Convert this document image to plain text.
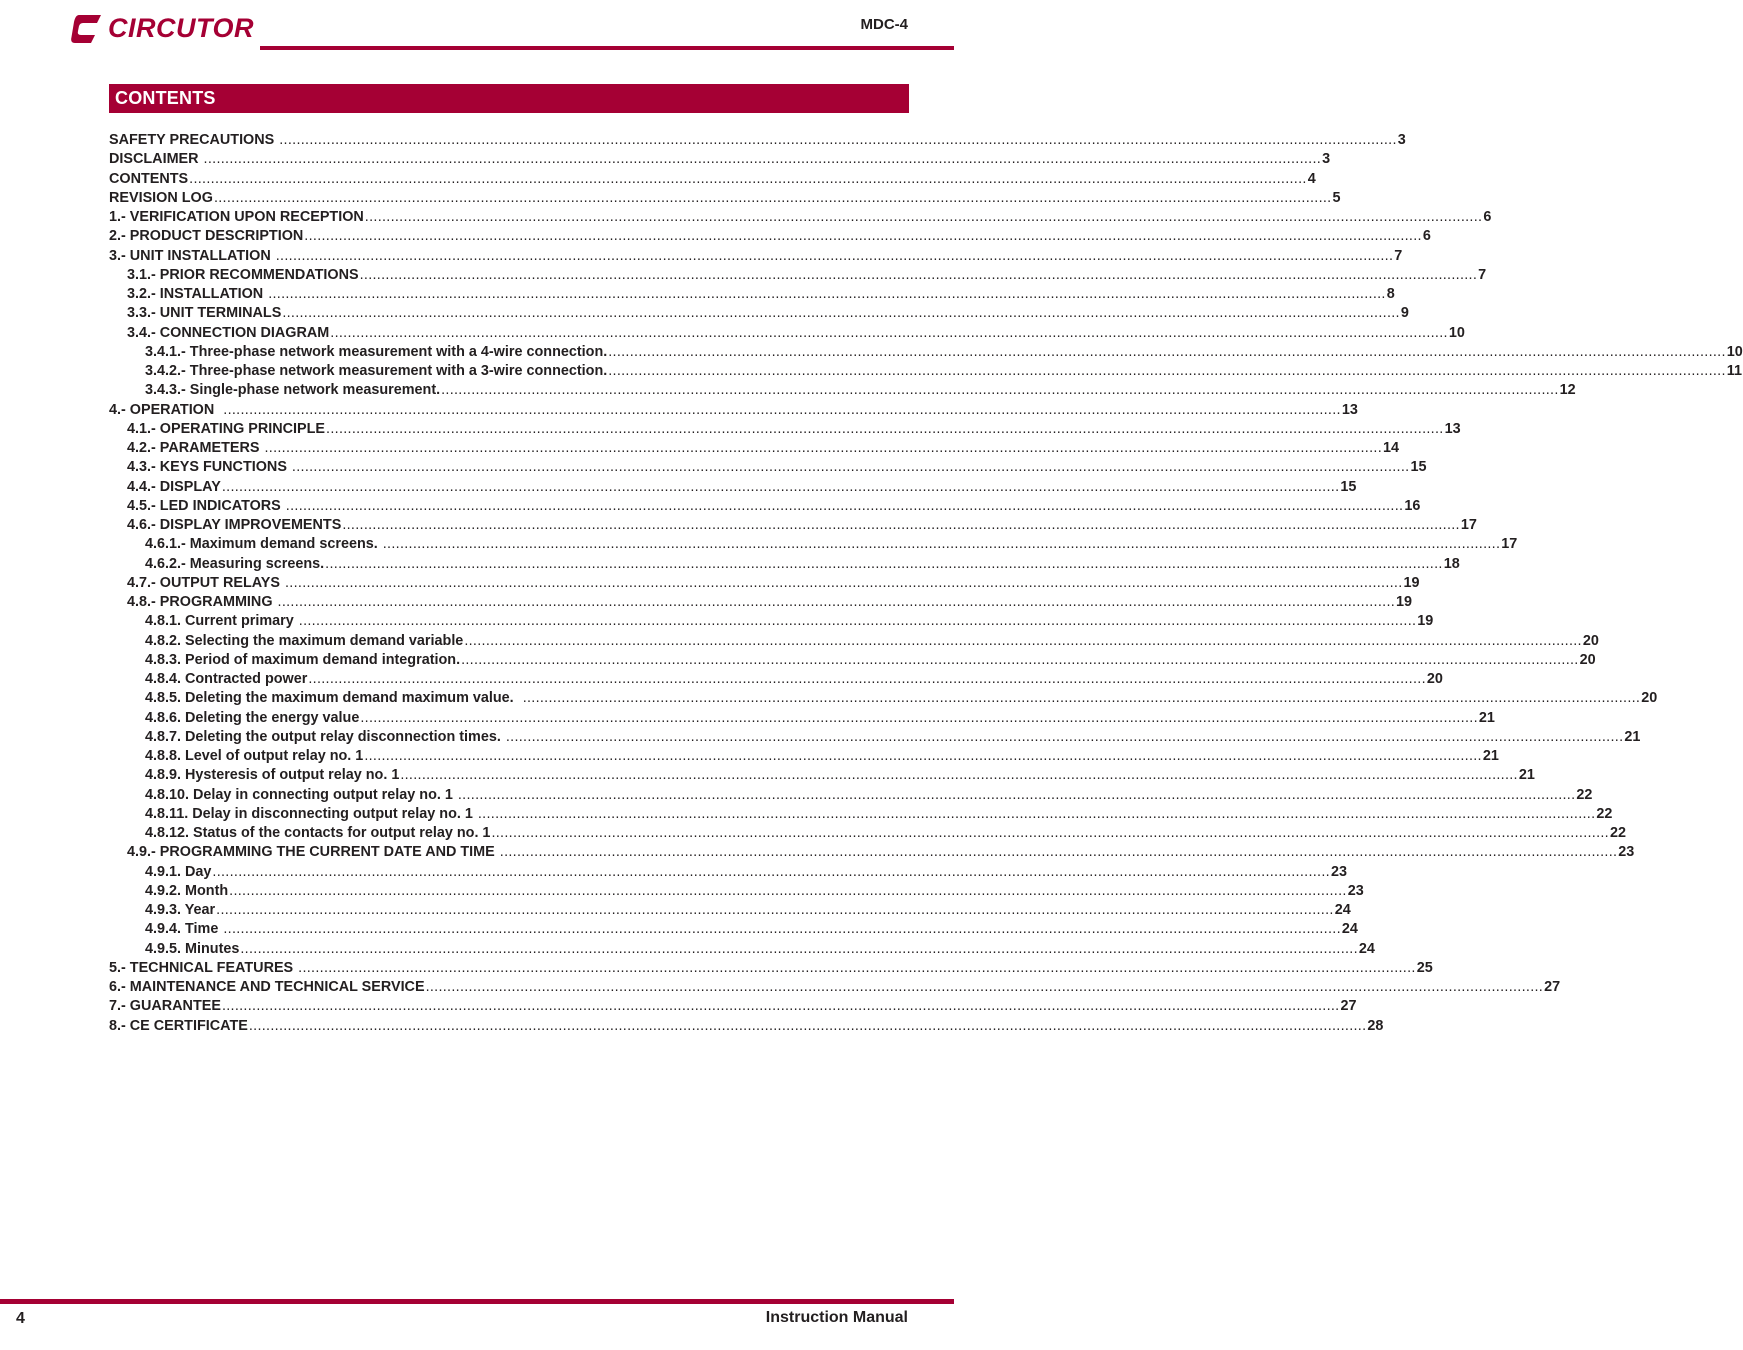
CIRCUTOR	MDC-4
CONTENTS
SAFETY PRECAUTIONS .................................................................................................................................................................................................................................................................... 3
DISCLAIMER .................................................................................................................................................................................................................................................................... 3
CONTENTS .................................................................................................................................................................................................................................................................... 4
REVISION LOG .................................................................................................................................................................................................................................................................... 5
1.- VERIFICATION UPON RECEPTION .................................................................................................................................................................................................................................................................... 6
2.- PRODUCT DESCRIPTION .................................................................................................................................................................................................................................................................... 6
3.- UNIT INSTALLATION .................................................................................................................................................................................................................................................................... 7
3.1.- PRIOR RECOMMENDATIONS .................................................................................................................................................................................................................................................................... 7
3.2.- INSTALLATION .................................................................................................................................................................................................................................................................... 8
3.3.- UNIT TERMINALS .................................................................................................................................................................................................................................................................... 9
3.4.- CONNECTION DIAGRAM .................................................................................................................................................................................................................................................................... 10
3.4.1.- Three-phase network measurement with a 4-wire connection. .................................................................................................................................................................................................................................................................... 10
3.4.2.- Three-phase network measurement with a 3-wire connection. .................................................................................................................................................................................................................................................................... 11
3.4.3.- Single-phase network measurement. .................................................................................................................................................................................................................................................................... 12
4.- OPERATION .................................................................................................................................................................................................................................................................... 13
4.1.- OPERATING PRINCIPLE .................................................................................................................................................................................................................................................................... 13
4.2.- PARAMETERS .................................................................................................................................................................................................................................................................... 14
4.3.- KEYS FUNCTIONS .................................................................................................................................................................................................................................................................... 15
4.4.- DISPLAY .................................................................................................................................................................................................................................................................... 15
4.5.- LED INDICATORS .................................................................................................................................................................................................................................................................... 16
4.6.- DISPLAY IMPROVEMENTS .................................................................................................................................................................................................................................................................... 17
4.6.1.- Maximum demand screens. .................................................................................................................................................................................................................................................................... 17
4.6.2.- Measuring screens. .................................................................................................................................................................................................................................................................... 18
4.7.- OUTPUT RELAYS .................................................................................................................................................................................................................................................................... 19
4.8.- PROGRAMMING .................................................................................................................................................................................................................................................................... 19
4.8.1. Current primary .................................................................................................................................................................................................................................................................... 19
4.8.2. Selecting the maximum demand variable .................................................................................................................................................................................................................................................................... 20
4.8.3. Period of maximum demand integration. .................................................................................................................................................................................................................................................................... 20
4.8.4. Contracted power .................................................................................................................................................................................................................................................................... 20
4.8.5. Deleting the maximum demand maximum value. .................................................................................................................................................................................................................................................................... 20
4.8.6. Deleting the energy value .................................................................................................................................................................................................................................................................... 21
4.8.7. Deleting the output relay disconnection times. .................................................................................................................................................................................................................................................................... 21
4.8.8. Level of output relay no. 1 .................................................................................................................................................................................................................................................................... 21
4.8.9. Hysteresis of output relay no. 1 .................................................................................................................................................................................................................................................................... 21
4.8.10. Delay in connecting output relay no. 1 .................................................................................................................................................................................................................................................................... 22
4.8.11. Delay in disconnecting output relay no. 1 .................................................................................................................................................................................................................................................................... 22
4.8.12. Status of the contacts for output relay no. 1 .................................................................................................................................................................................................................................................................... 22
4.9.- PROGRAMMING THE CURRENT DATE AND TIME .................................................................................................................................................................................................................................................................... 23
4.9.1. Day .................................................................................................................................................................................................................................................................... 23
4.9.2. Month .................................................................................................................................................................................................................................................................... 23
4.9.3. Year .................................................................................................................................................................................................................................................................... 24
4.9.4. Time .................................................................................................................................................................................................................................................................... 24
4.9.5. Minutes .................................................................................................................................................................................................................................................................... 24
5.- TECHNICAL FEATURES .................................................................................................................................................................................................................................................................... 25
6.- MAINTENANCE AND TECHNICAL SERVICE .................................................................................................................................................................................................................................................................... 27
7.- GUARANTEE .................................................................................................................................................................................................................................................................... 27
8.- CE CERTIFICATE .................................................................................................................................................................................................................................................................... 28
4	Instruction Manual
